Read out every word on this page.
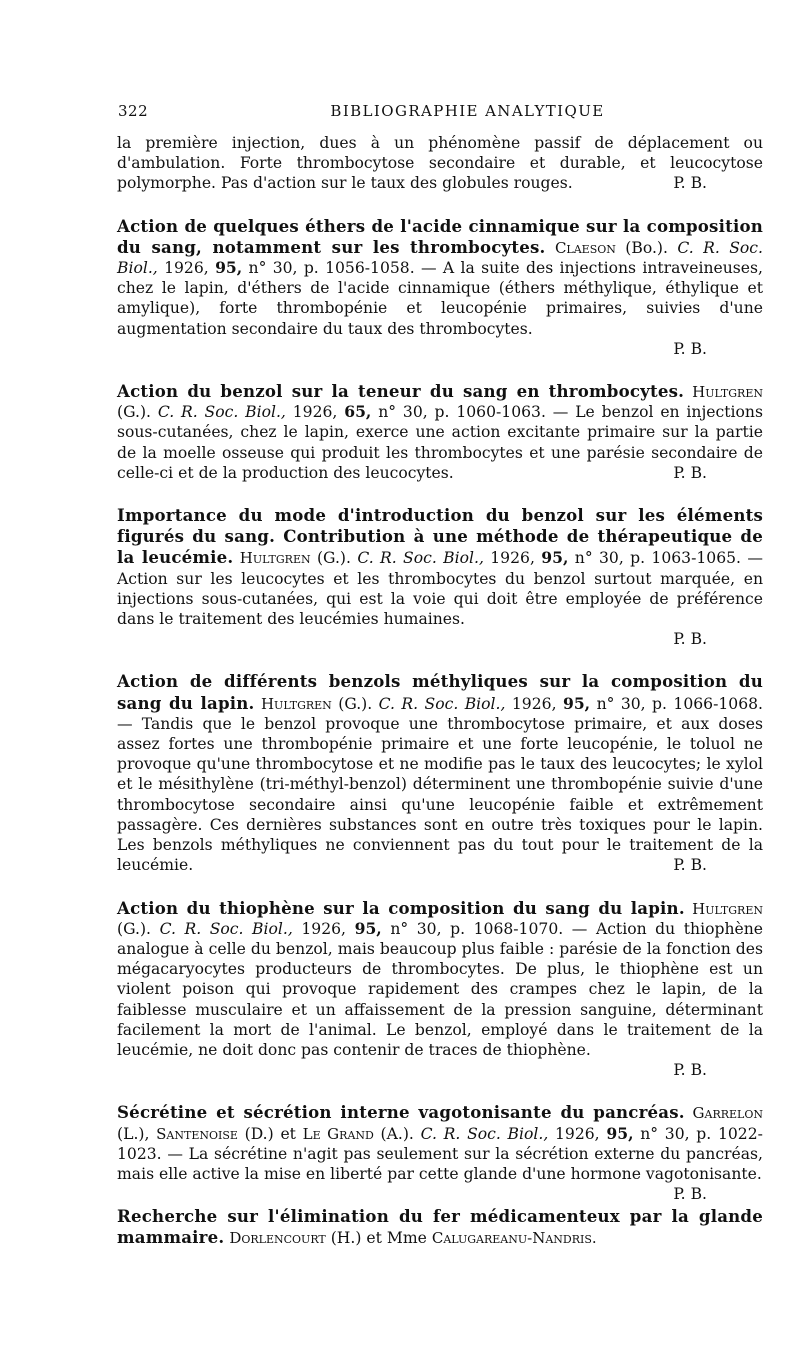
322	BIBLIOGRAPHIE ANALYTIQUE

la première injection, dues à un phénomène passif de déplacement ou d'ambulation. Forte thrombocytose secondaire et durable, et leucocytose polymorphe. Pas d'action sur le taux des globules rouges.	P. B.

Action de quelques éthers de l'acide cinnamique sur la composition du sang, notamment sur les thrombocytes. Claeson (Bo.). C. R. Soc. Biol., 1926, 95, n° 30, p. 1056-1058. — A la suite des injections intraveineuses, chez le lapin, d'éthers de l'acide cinnamique (éthers méthylique, éthylique et amylique), forte thrombopénie et leucopénie primaires, suivies d'une augmentation secondaire du taux des thrombocytes.

P. B.

Action du benzol sur la teneur du sang en thrombocytes. Hultgren (G.). C. R. Soc. Biol., 1926, 65, n° 30, p. 1060-1063. — Le benzol en injections sous-cutanées, chez le lapin, exerce une action excitante primaire sur la partie de la moelle osseuse qui produit les thrombocytes et une parésie secondaire de celle-ci et de la production des leucocytes.	P. B.

Importance du mode d'introduction du benzol sur les éléments figurés du sang. Contribution à une méthode de thérapeutique de la leucémie. Hultgren (G.). C. R. Soc. Biol., 1926, 95, n° 30, p. 1063-1065. — Action sur les leucocytes et les thrombocytes du benzol surtout marquée, en injections sous-cutanées, qui est la voie qui doit être employée de préférence dans le traitement des leucémies humaines.

P. B.

Action de différents benzols méthyliques sur la composition du sang du lapin. Hultgren (G.). C. R. Soc. Biol., 1926, 95, n° 30, p. 1066-1068. — Tandis que le benzol provoque une thrombocytose primaire, et aux doses assez fortes une thrombopénie primaire et une forte leucopénie, le toluol ne provoque qu'une thrombocytose et ne modifie pas le taux des leucocytes; le xylol et le mésithylène (tri-méthyl-benzol) déterminent une thrombopénie suivie d'une thrombocytose secondaire ainsi qu'une leucopénie faible et extrêmement passagère. Ces dernières substances sont en outre très toxiques pour le lapin. Les benzols méthyliques ne conviennent pas du tout pour le traitement de la leucémie.	P. B.

Action du thiophène sur la composition du sang du lapin. Hultgren (G.). C. R. Soc. Biol., 1926, 95, n° 30, p. 1068-1070. — Action du thiophène analogue à celle du benzol, mais beaucoup plus faible : parésie de la fonction des mégacaryocytes producteurs de thrombocytes. De plus, le thiophène est un violent poison qui provoque rapidement des crampes chez le lapin, de la faiblesse musculaire et un affaissement de la pression sanguine, déterminant facilement la mort de l'animal. Le benzol, employé dans le traitement de la leucémie, ne doit donc pas contenir de traces de thiophène.

P. B.

Sécrétine et sécrétion interne vagotonisante du pancréas. Garrelon (L.), Santenoise (D.) et Le Grand (A.). C. R. Soc. Biol., 1926, 95, n° 30, p. 1022-1023. — La sécrétine n'agit pas seulement sur la sécrétion externe du pancréas, mais elle active la mise en liberté par cette glande d'une hormone vagotonisante.
P. B.

Recherche sur l'élimination du fer médicamenteux par la glande mammaire. Dorlencourt (H.) et Mme Calugareanu-Nandris.
